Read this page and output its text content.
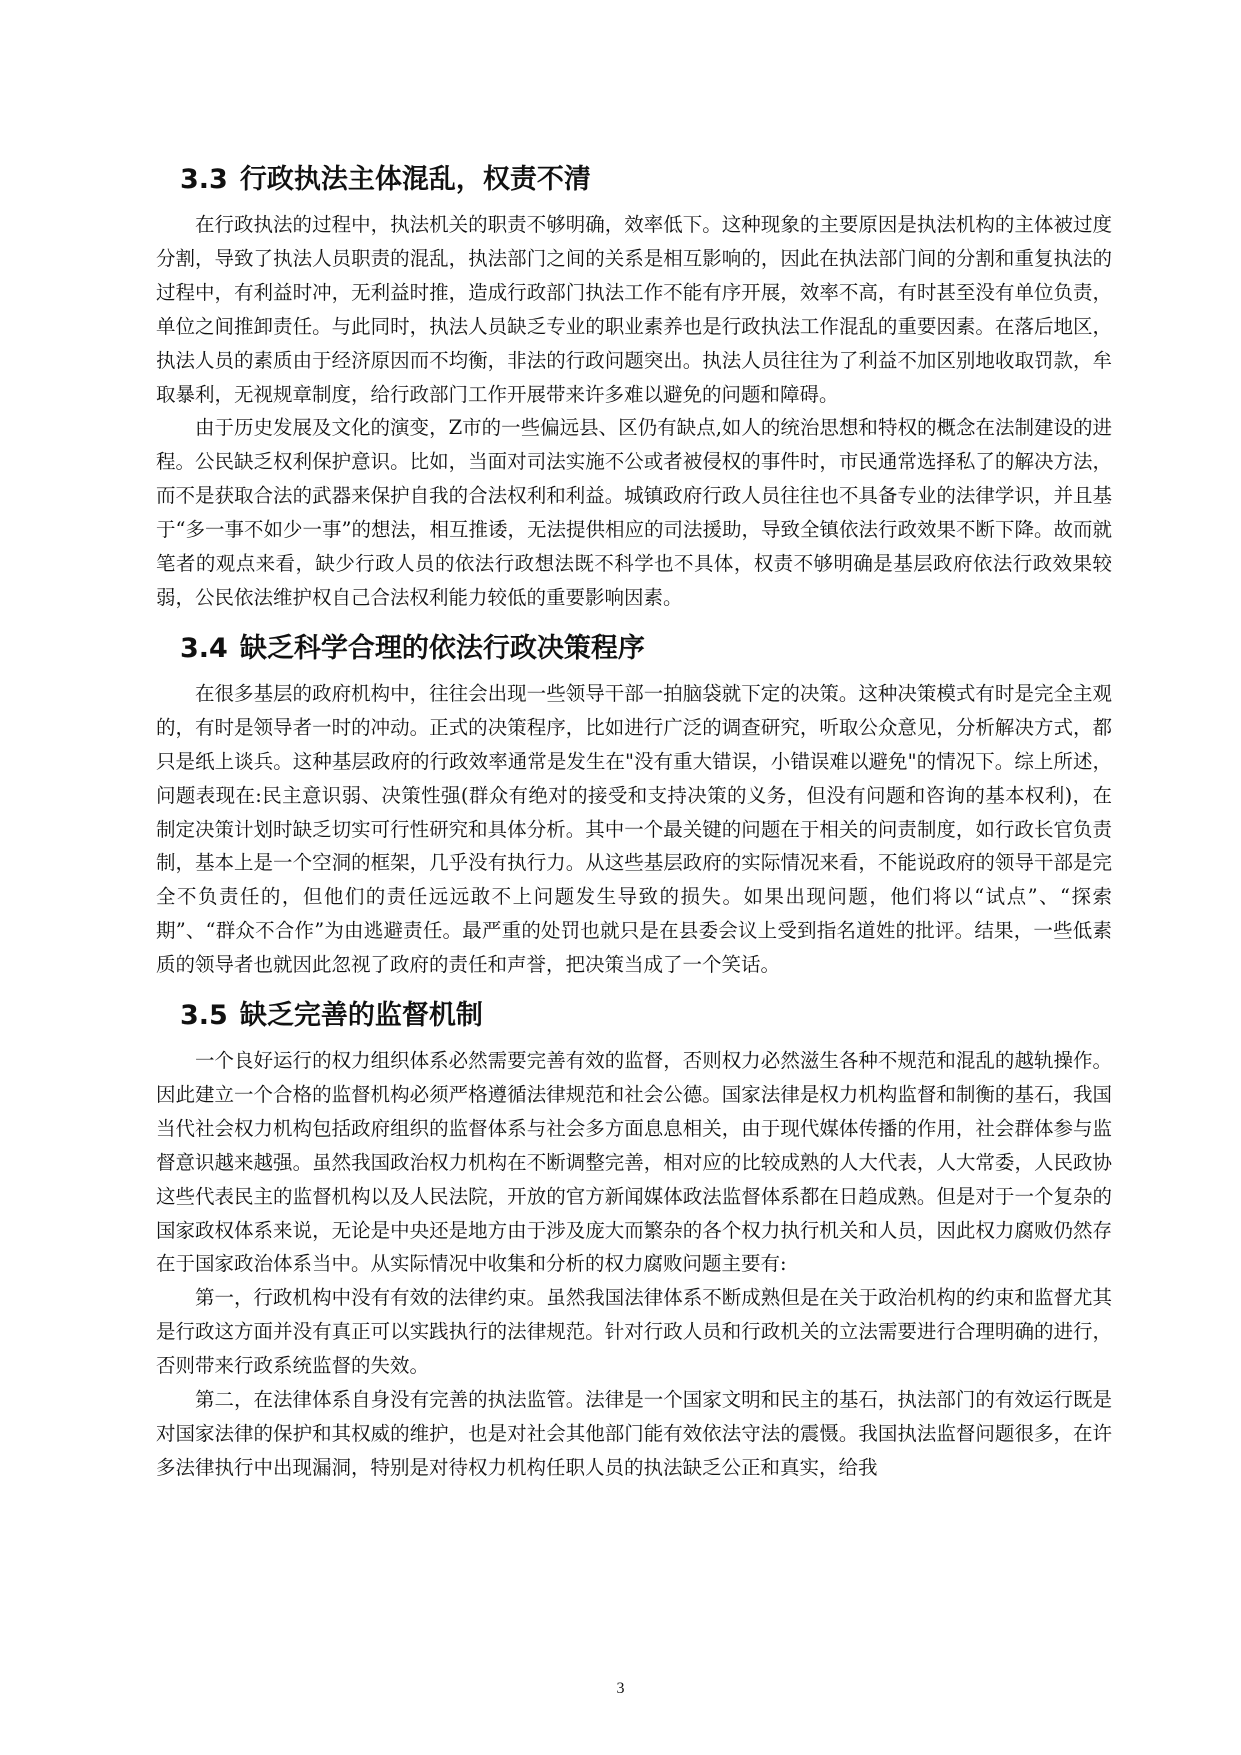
3.3 行政执法主体混乱，权责不清

在行政执法的过程中，执法机关的职责不够明确，效率低下。这种现象的主要原因是执法机构的主体被过度分割，导致了执法人员职责的混乱，执法部门之间的关系是相互影响的，因此在执法部门间的分割和重复执法的过程中，有利益时冲，无利益时推，造成行政部门执法工作不能有序开展，效率不高，有时甚至没有单位负责，单位之间推卸责任。与此同时，执法人员缺乏专业的职业素养也是行政执法工作混乱的重要因素。在落后地区，执法人员的素质由于经济原因而不均衡，非法的行政问题突出。执法人员往往为了利益不加区别地收取罚款，牟取暴利，无视规章制度，给行政部门工作开展带来许多难以避免的问题和障碍。

由于历史发展及文化的演变，Z市的一些偏远县、区仍有缺点,如人的统治思想和特权的概念在法制建设的进程。公民缺乏权利保护意识。比如，当面对司法实施不公或者被侵权的事件时，市民通常选择私了的解决方法，而不是获取合法的武器来保护自我的合法权利和利益。城镇政府行政人员往往也不具备专业的法律学识，并且基于“多一事不如少一事”的想法，相互推诿，无法提供相应的司法援助，导致全镇依法行政效果不断下降。故而就笔者的观点来看，缺少行政人员的依法行政想法既不科学也不具体，权责不够明确是基层政府依法行政效果较弱，公民依法维护权自己合法权利能力较低的重要影响因素。

3.4 缺乏科学合理的依法行政决策程序

在很多基层的政府机构中，往往会出现一些领导干部一拍脑袋就下定的决策。这种决策模式有时是完全主观的，有时是领导者一时的冲动。正式的决策程序，比如进行广泛的调查研究，听取公众意见，分析解决方式，都只是纸上谈兵。这种基层政府的行政效率通常是发生在"没有重大错误，小错误难以避免"的情况下。综上所述，问题表现在:民主意识弱、决策性强(群众有绝对的接受和支持决策的义务，但没有问题和咨询的基本权利)，在制定决策计划时缺乏切实可行性研究和具体分析。其中一个最关键的问题在于相关的问责制度，如行政长官负责制，基本上是一个空洞的框架，几乎没有执行力。从这些基层政府的实际情况来看，不能说政府的领导干部是完全不负责任的，但他们的责任远远敢不上问题发生导致的损失。如果出现问题，他们将以“试点”、“探索期”、“群众不合作”为由逃避责任。最严重的处罚也就只是在县委会议上受到指名道姓的批评。结果，一些低素质的领导者也就因此忽视了政府的责任和声誉，把决策当成了一个笑话。

3.5 缺乏完善的监督机制

一个良好运行的权力组织体系必然需要完善有效的监督，否则权力必然滋生各种不规范和混乱的越轨操作。因此建立一个合格的监督机构必须严格遵循法律规范和社会公德。国家法律是权力机构监督和制衡的基石，我国当代社会权力机构包括政府组织的监督体系与社会多方面息息相关，由于现代媒体传播的作用，社会群体参与监督意识越来越强。虽然我国政治权力机构在不断调整完善，相对应的比较成熟的人大代表，人大常委，人民政协这些代表民主的监督机构以及人民法院，开放的官方新闻媒体政法监督体系都在日趋成熟。但是对于一个复杂的国家政权体系来说，无论是中央还是地方由于涉及庞大而繁杂的各个权力执行机关和人员，因此权力腐败仍然存在于国家政治体系当中。从实际情况中收集和分析的权力腐败问题主要有:

第一，行政机构中没有有效的法律约束。虽然我国法律体系不断成熟但是在关于政治机构的约束和监督尤其是行政这方面并没有真正可以实践执行的法律规范。针对行政人员和行政机关的立法需要进行合理明确的进行，否则带来行政系统监督的失效。

第二，在法律体系自身没有完善的执法监管。法律是一个国家文明和民主的基石，执法部门的有效运行既是对国家法律的保护和其权威的维护，也是对社会其他部门能有效依法守法的震慑。我国执法监督问题很多，在许多法律执行中出现漏洞，特别是对待权力机构任职人员的执法缺乏公正和真实，给我

3
